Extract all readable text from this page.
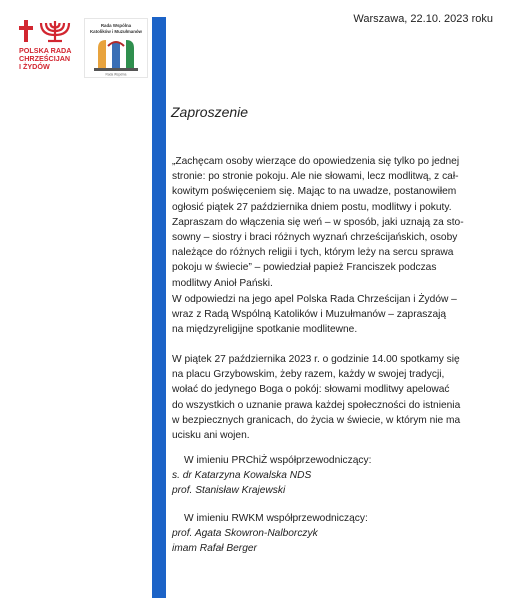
POLSKA RADA
CHRZEŚCIJAN
I ŻYDÓW
Rada Wspólna
Katolików i Muzułmanów
Rada Wspólna
Warszawa, 22.10. 2023 roku
Zaproszenie
„Zachęcam osoby wierzące do opowiedzenia się tylko po jednej
stronie: po stronie pokoju. Ale nie słowami, lecz modlitwą, z cał-
kowitym poświęceniem się. Mając to na uwadze, postanowiłem
ogłosić piątek 27 października dniem postu, modlitwy i pokuty.
Zapraszam do włączenia się weń – w sposób, jaki uznają za sto-
sowny – siostry i braci różnych wyznań chrześcijańskich, osoby
należące do różnych religii i tych, którym leży na sercu sprawa
pokoju w świecie” – powiedział papież Franciszek podczas
modlitwy Anioł Pański.
W odpowiedzi na jego apel Polska Rada Chrześcijan i Żydów –
wraz z Radą Wspólną Katolików i Muzułmanów – zapraszają
na międzyreligijne spotkanie modlitewne.
W piątek 27 października 2023 r. o godzinie 14.00 spotkamy się
na placu Grzybowskim, żeby razem, każdy w swojej tradycji,
wołać do jedynego Boga o pokój: słowami modlitwy apelować
do wszystkich o uznanie prawa każdej społeczności do istnienia
w bezpiecznych granicach, do życia w świecie, w którym nie ma
ucisku ani wojen.
W imieniu PRChiŻ współprzewodniczący:
s. dr Katarzyna Kowalska NDS
prof. Stanisław Krajewski
W imieniu RWKM współprzewodniczący:
prof. Agata Skowron-Nalborczyk
imam Rafał Berger
